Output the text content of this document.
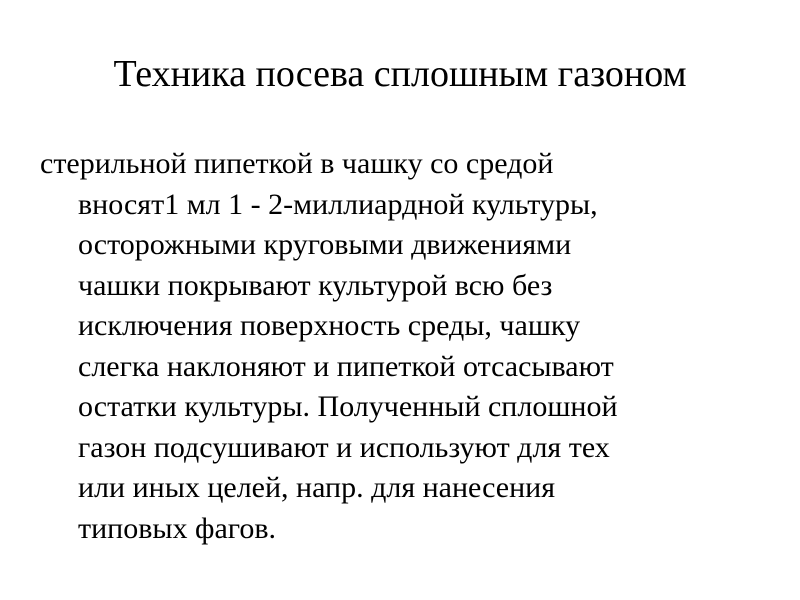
Техника посева сплошным газоном
стерильной пипеткой в чашку со средой
вносят1 мл 1 - 2-миллиардной культуры,
осторожными круговыми движениями
чашки покрывают культурой всю без
исключения поверхность среды, чашку
слегка наклоняют и пипеткой отсасывают
остатки культуры. Полученный сплошной
газон подсушивают и используют для тех
или иных целей, напр. для нанесения
типовых фагов.
